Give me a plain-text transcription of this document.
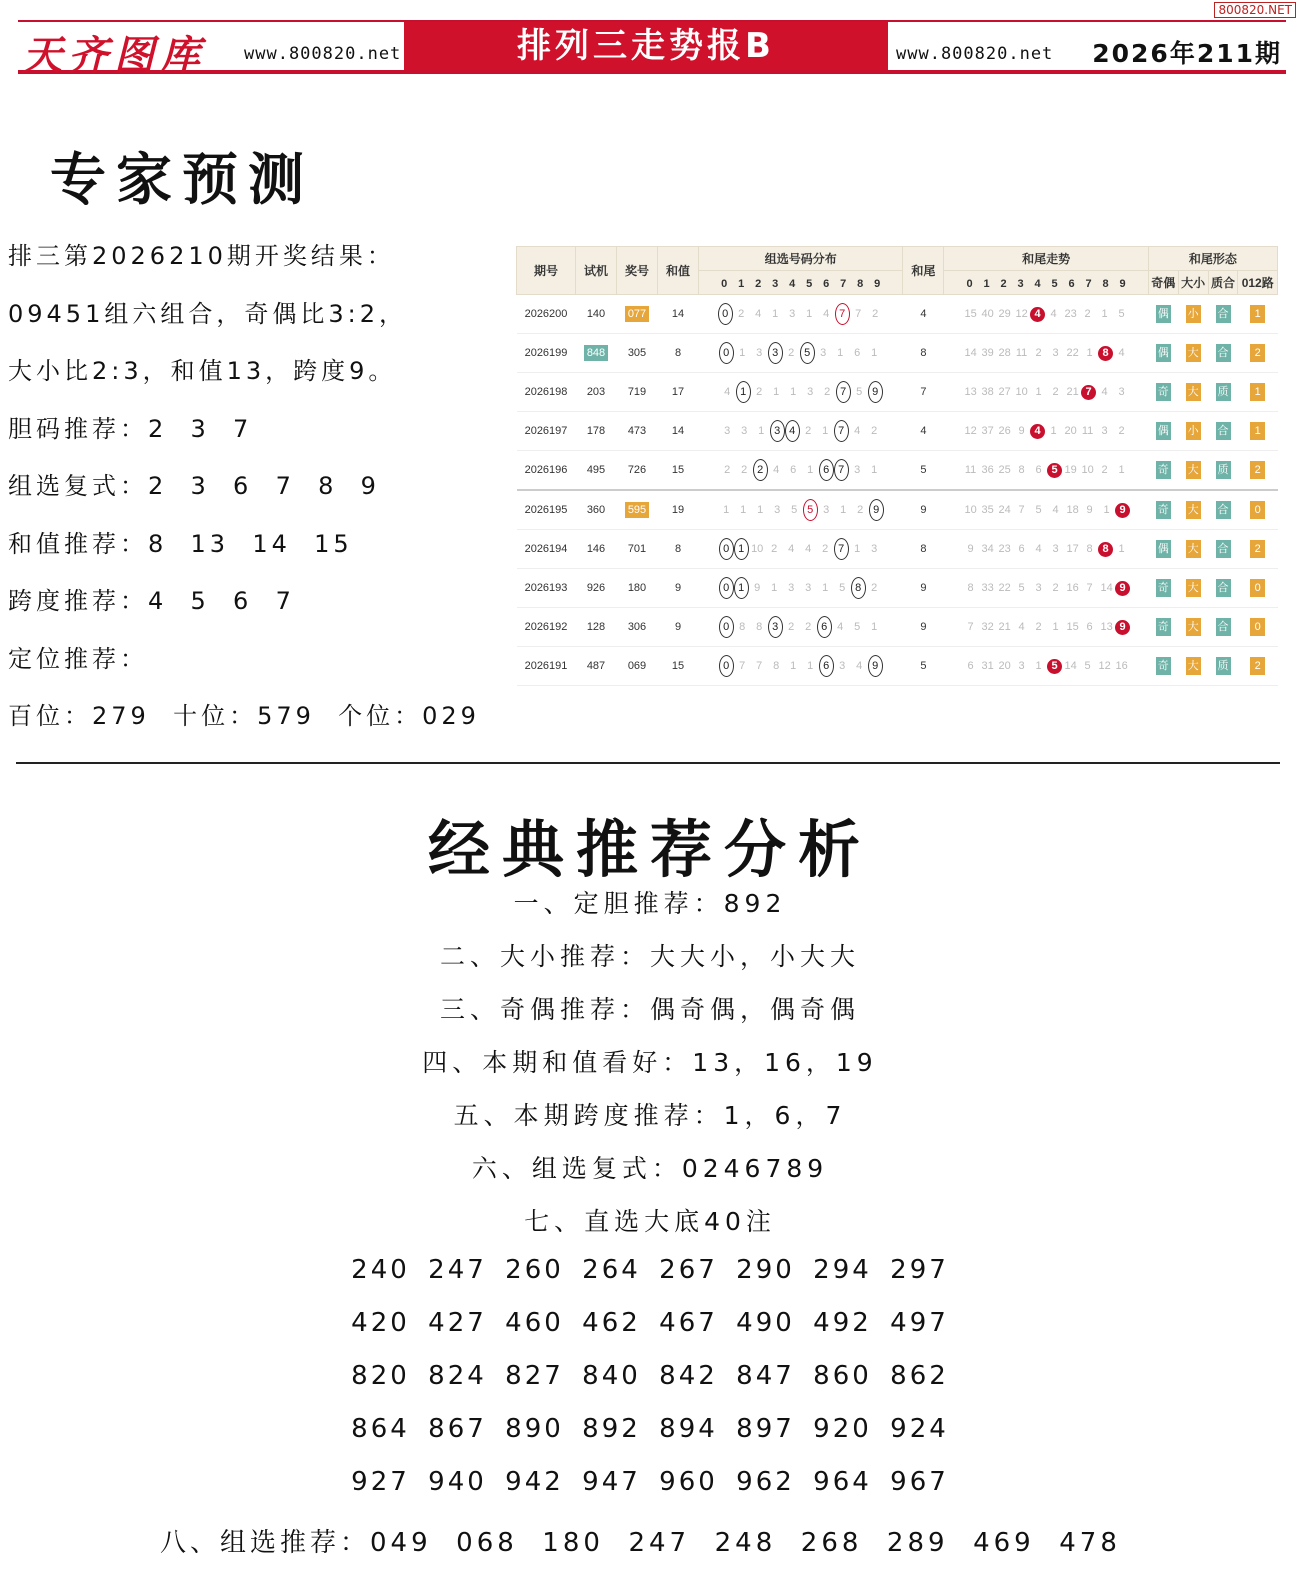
800820.NET
天齐图库 www.800820.net	排列三走势报B	www.800820.net 2026年211期
专家预测
排三第2026210期开奖结果：
09451组六组合，奇偶比3:2，
大小比2:3，和值13，跨度9。
胆码推荐：2  3  7
组选复式：2  3  6  7  8  9
和值推荐：8  13  14  15
跨度推荐：4  5  6  7
定位推荐：
百位：279  十位：579  个位：029
期号	试机	奖号	和值	组选号码分布	和尾	和尾走势	和尾形态			
				0 1 2 3 4 5 6 7 8 9		0 1 2 3 4 5 6 7 8 9	奇偶	大小	质合	012路
2026200	140	077	14	0 2 4 1 3 1 4 7 7 2	4	15 40 29 12 4 4 23 2 1 5	偶	小	合	1
2026199	848	305	8	0 1 3 3 2 5 3 1 6 1	8	14 39 28 11 2 3 22 1 8 4	偶	大	合	2
2026198	203	719	17	4 1 2 1 1 3 2 7 5 9	7	13 38 27 10 1 2 21 7 4 3	奇	大	质	1
2026197	178	473	14	3 3 1 3 4 2 1 7 4 2	4	12 37 26 9 4 1 20 11 3 2	偶	小	合	1
2026196	495	726	15	2 2 2 4 6 1 6 7 3 1	5	11 36 25 8 6 5 19 10 2 1	奇	大	质	2
2026195	360	595	19	1 1 1 3 5 5 3 1 2 9	9	10 35 24 7 5 4 18 9 1 9	奇	大	合	0
2026194	146	701	8	0 1 10 2 4 4 2 7 1 3	8	9 34 23 6 4 3 17 8 8 1	偶	大	合	2
2026193	926	180	9	0 1 9 1 3 3 1 5 8 2	9	8 33 22 5 3 2 16 7 14 9	奇	大	合	0
2026192	128	306	9	0 8 8 3 2 2 6 4 5 1	9	7 32 21 4 2 1 15 6 13 9	奇	大	合	0
2026191	487	069	15	0 7 7 8 1 1 6 3 4 9	5	6 31 20 3 1 5 14 5 12 16	奇	大	质	2
经典推荐分析
一、定胆推荐：892
二、大小推荐：大大小，小大大
三、奇偶推荐：偶奇偶，偶奇偶
四、本期和值看好：13，16，19
五、本期跨度推荐：1，6，7
六、组选复式：0246789
七、直选大底40注
240 247 260 264 267 290 294 297
420 427 460 462 467 490 492 497
820 824 827 840 842 847 860 862
864 867 890 892 894 897 920 924
927 940 942 947 960 962 964 967
八、组选推荐：049  068  180  247  248  268  289  469  478
